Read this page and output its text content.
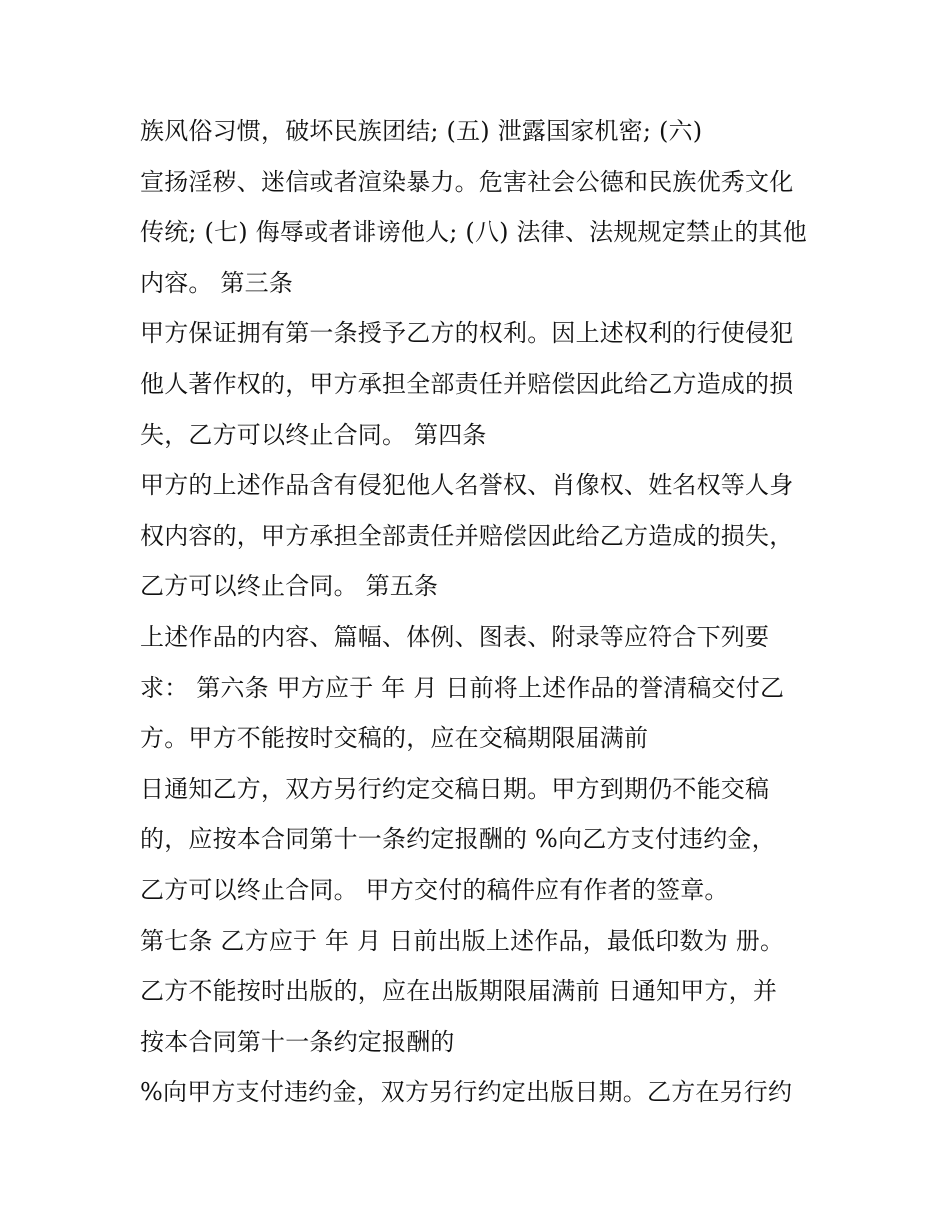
族风俗习惯，破坏民族团结; (五) 泄露国家机密; (六)
宣扬淫秽、迷信或者渲染暴力。危害社会公德和民族优秀文化
传统; (七) 侮辱或者诽谤他人; (八) 法律、法规规定禁止的其他
内容。 第三条
甲方保证拥有第一条授予乙方的权利。因上述权利的行使侵犯
他人著作权的，甲方承担全部责任并赔偿因此给乙方造成的损
失，乙方可以终止合同。 第四条
甲方的上述作品含有侵犯他人名誉权、肖像权、姓名权等人身
权内容的，甲方承担全部责任并赔偿因此给乙方造成的损失，
乙方可以终止合同。 第五条
上述作品的内容、篇幅、体例、图表、附录等应符合下列要
求： 第六条 甲方应于 年 月 日前将上述作品的誉清稿交付乙
方。甲方不能按时交稿的，应在交稿期限届满前
日通知乙方，双方另行约定交稿日期。甲方到期仍不能交稿
的，应按本合同第十一条约定报酬的 %向乙方支付违约金，
乙方可以终止合同。 甲方交付的稿件应有作者的签章。
第七条 乙方应于 年 月 日前出版上述作品，最低印数为 册。
乙方不能按时出版的，应在出版期限届满前 日通知甲方，并
按本合同第十一条约定报酬的
%向甲方支付违约金，双方另行约定出版日期。乙方在另行约
